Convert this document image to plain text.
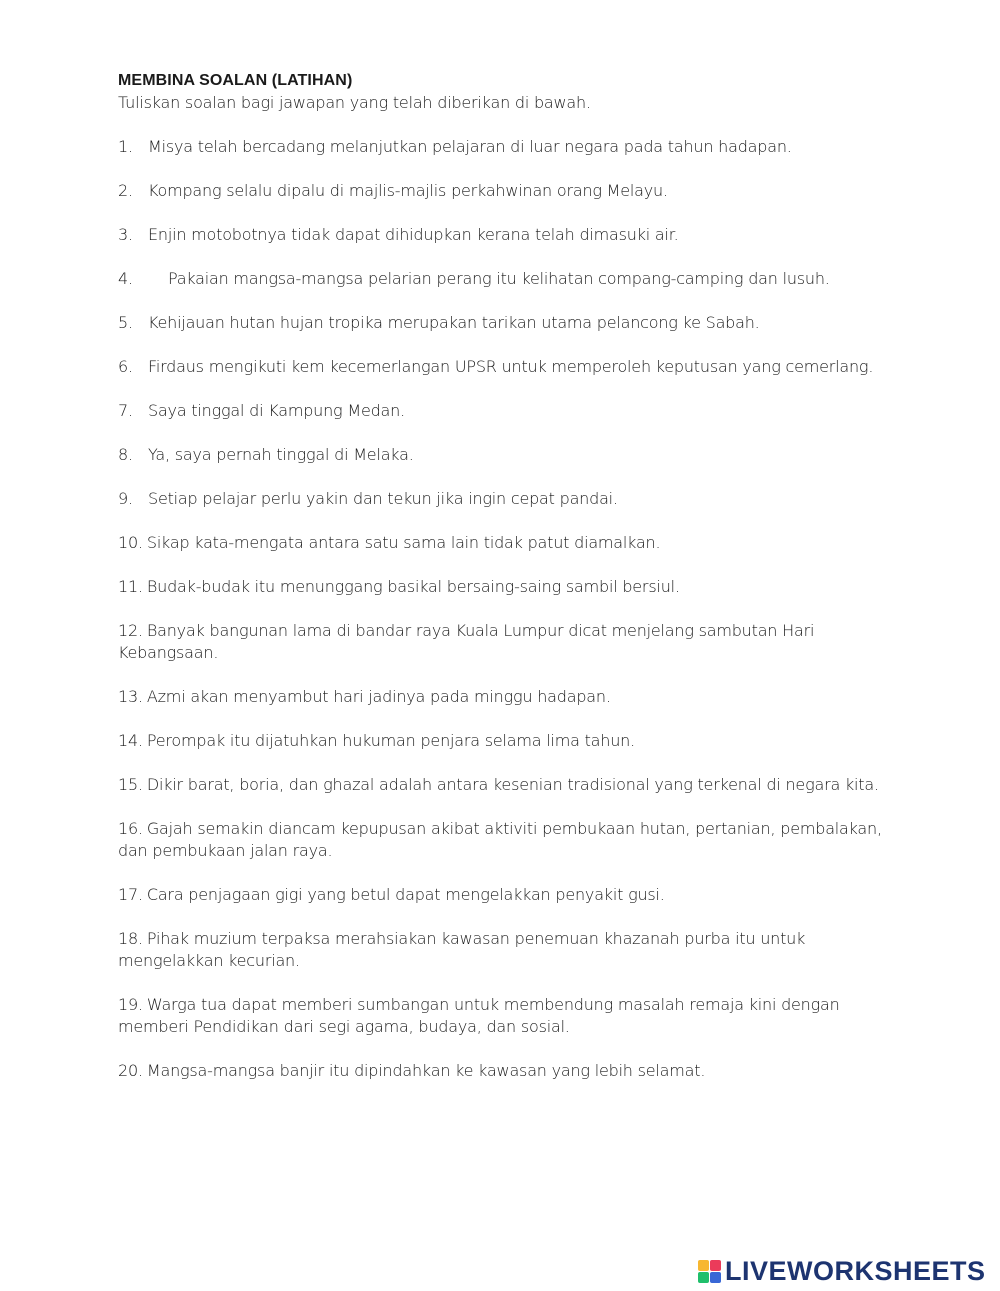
MEMBINA SOALAN (LATIHAN)

Tuliskan soalan bagi jawapan yang telah diberikan di bawah.

1. Misya telah bercadang melanjutkan pelajaran di luar negara pada tahun hadapan.

2. Kompang selalu dipalu di majlis-majlis perkahwinan orang Melayu.

3. Enjin motobotnya tidak dapat dihidupkan kerana telah dimasuki air.

4. Pakaian mangsa-mangsa pelarian perang itu kelihatan compang-camping dan lusuh.

5. Kehijauan hutan hujan tropika merupakan tarikan utama pelancong ke Sabah.

6. Firdaus mengikuti kem kecemerlangan UPSR untuk memperoleh keputusan yang cemerlang.

7. Saya tinggal di Kampung Medan.

8. Ya, saya pernah tinggal di Melaka.

9. Setiap pelajar perlu yakin dan tekun jika ingin cepat pandai.

10. Sikap kata-mengata antara satu sama lain tidak patut diamalkan.

11. Budak-budak itu menunggang basikal bersaing-saing sambil bersiul.

12. Banyak bangunan lama di bandar raya Kuala Lumpur dicat menjelang sambutan Hari Kebangsaan.

13. Azmi akan menyambut hari jadinya pada minggu hadapan.

14. Perompak itu dijatuhkan hukuman penjara selama lima tahun.

15. Dikir barat, boria, dan ghazal adalah antara kesenian tradisional yang terkenal di negara kita.

16. Gajah semakin diancam kepupusan akibat aktiviti pembukaan hutan, pertanian, pembalakan, dan pembukaan jalan raya.

17. Cara penjagaan gigi yang betul dapat mengelakkan penyakit gusi.

18. Pihak muzium terpaksa merahsiakan kawasan penemuan khazanah purba itu untuk mengelakkan kecurian.

19. Warga tua dapat memberi sumbangan untuk membendung masalah remaja kini dengan memberi Pendidikan dari segi agama, budaya, dan sosial.

20. Mangsa-mangsa banjir itu dipindahkan ke kawasan yang lebih selamat.

LIVEWORKSHEETS
